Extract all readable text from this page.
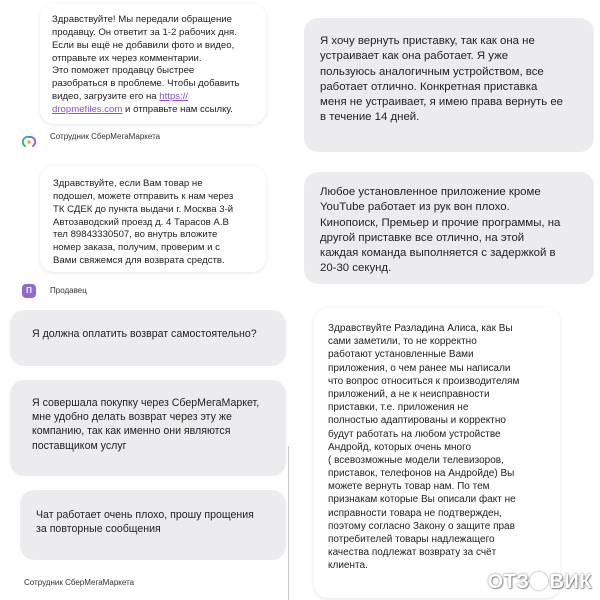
Здравствуйте! Мы передали обращение
продавцу. Он ответит за 1-2 рабочих дня.
Если вы ещё не добавили фото и видео,
отправьте их через комментарии.
Это поможет продавцу быстрее
разобраться в проблеме. Чтобы добавить
видео, загрузите его на https://
dropmefiles.com и отправьте нам ссылку.
Сотрудник СберМегаМаркета
Здравствуйте, если Вам товар не
подошел, можете отправить к нам через
ТК СДЕК до пункта выдачи г. Москва 3-й
Автозаводский проезд д. 4 Тарасов А.В
тел 89843330507, во внутрь вложите
номер заказа, получим, проверим и с
Вами свяжемся для возврата средств.
П	Продавец
Я хочу вернуть приставку, так как она не
устраивает как она работает. Я уже
пользуюсь аналогичным устройством, все
работает отлично. Конкретная приставка
меня не устраивает, я имею права вернуть ее
в течение 14 дней.
Любое установленное приложение кроме
YouTube работает из рук вон плохо.
Кинопоиск, Премьер и прочие программы, на
другой приставке все отлично, на этой
каждая команда выполняется с задержкой в
20-30 секунд.
Я должна оплатить возврат самостоятельно?
Я совершала покупку через СберМегаМаркет,
мне удобно делать возврат через эту же
компанию, так как именно они являются
поставщиком услуг
Чат работает очень плохо, прошу прощения
за повторные сообщения
Сотрудник СберМегаМаркета
Здравствуйте Разладина Алиса, как Вы
сами заметили, то не корректно
работают установленные Вами
приложения, о чем ранее мы написали
что вопрос относиться к производителям
приложений, а не к неисправности
приставки, т.е. приложения не
полностью адаптированы и корректно
будут работать на любом устройстве
Андройд, которых очень много
( всевозможные модели телевизоров,
приставок, телефонов на Андройде) Вы
можете вернуть товар нам. По тем
признакам которые Вы описали факт не
исправности товара не подтвержден,
поэтому согласно Закону о защите прав
потребителей товары надлежащего
качества подлежат возврату за счёт
клиента.
ОТЗ ВИК
